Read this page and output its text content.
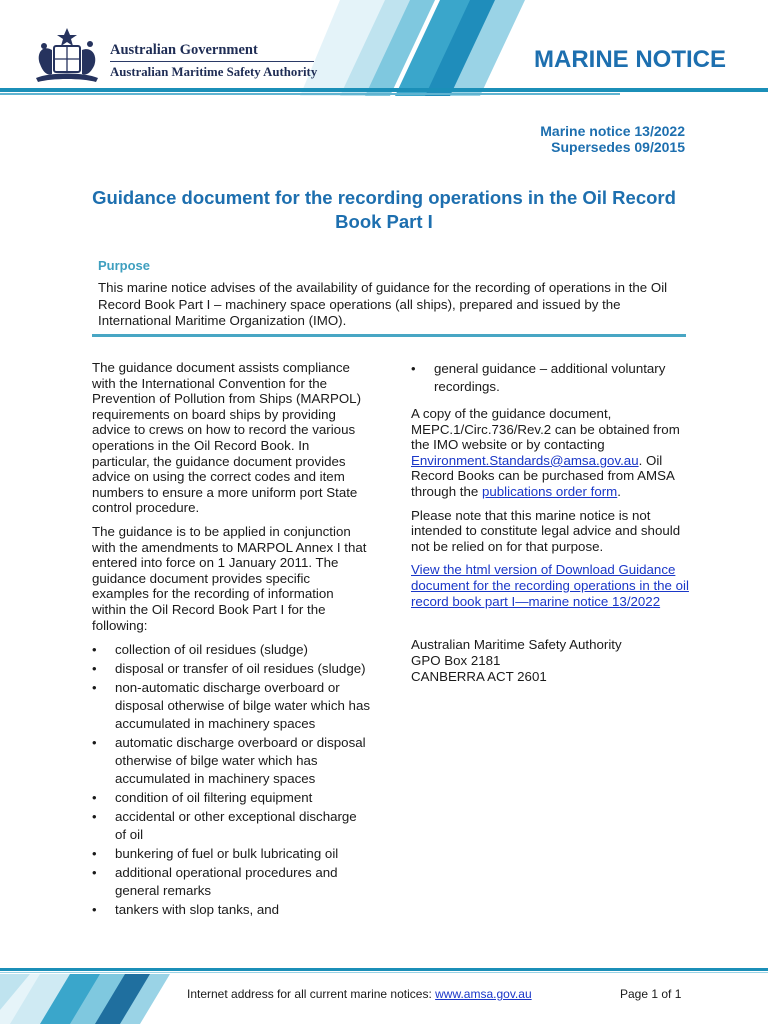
Australian Government
Australian Maritime Safety Authority	MARINE NOTICE
Marine notice 13/2022
Supersedes 09/2015
Guidance document for the recording operations in the Oil Record Book Part I
Purpose
This marine notice advises of the availability of guidance for the recording of operations in the Oil Record Book Part I – machinery space operations (all ships), prepared and issued by the International Maritime Organization (IMO).

The guidance document assists compliance with the International Convention for the Prevention of Pollution from Ships (MARPOL) requirements on board ships by providing advice to crews on how to record the various operations in the Oil Record Book. In particular, the guidance document provides advice on using the correct codes and item numbers to ensure a more uniform port State control procedure.

The guidance is to be applied in conjunction with the amendments to MARPOL Annex I that entered into force on 1 January 2011. The guidance document provides specific examples for the recording of information within the Oil Record Book Part I for the following:

• collection of oil residues (sludge)
• disposal or transfer of oil residues (sludge)
• non-automatic discharge overboard or disposal otherwise of bilge water which has accumulated in machinery spaces
• automatic discharge overboard or disposal otherwise of bilge water which has accumulated in machinery spaces
• condition of oil filtering equipment
• accidental or other exceptional discharge of oil
• bunkering of fuel or bulk lubricating oil
• additional operational procedures and general remarks
• tankers with slop tanks, and
• general guidance – additional voluntary recordings.

A copy of the guidance document, MEPC.1/Circ.736/Rev.2 can be obtained from the IMO website or by contacting Environment.Standards@amsa.gov.au. Oil Record Books can be purchased from AMSA through the publications order form.

Please note that this marine notice is not intended to constitute legal advice and should not be relied on for that purpose.

View the html version of Download Guidance document for the recording operations in the oil record book part I—marine notice 13/2022

Australian Maritime Safety Authority

GPO Box 2181

CANBERRA ACT 2601

Internet address for all current marine notices: www.amsa.gov.au	Page 1 of 1
